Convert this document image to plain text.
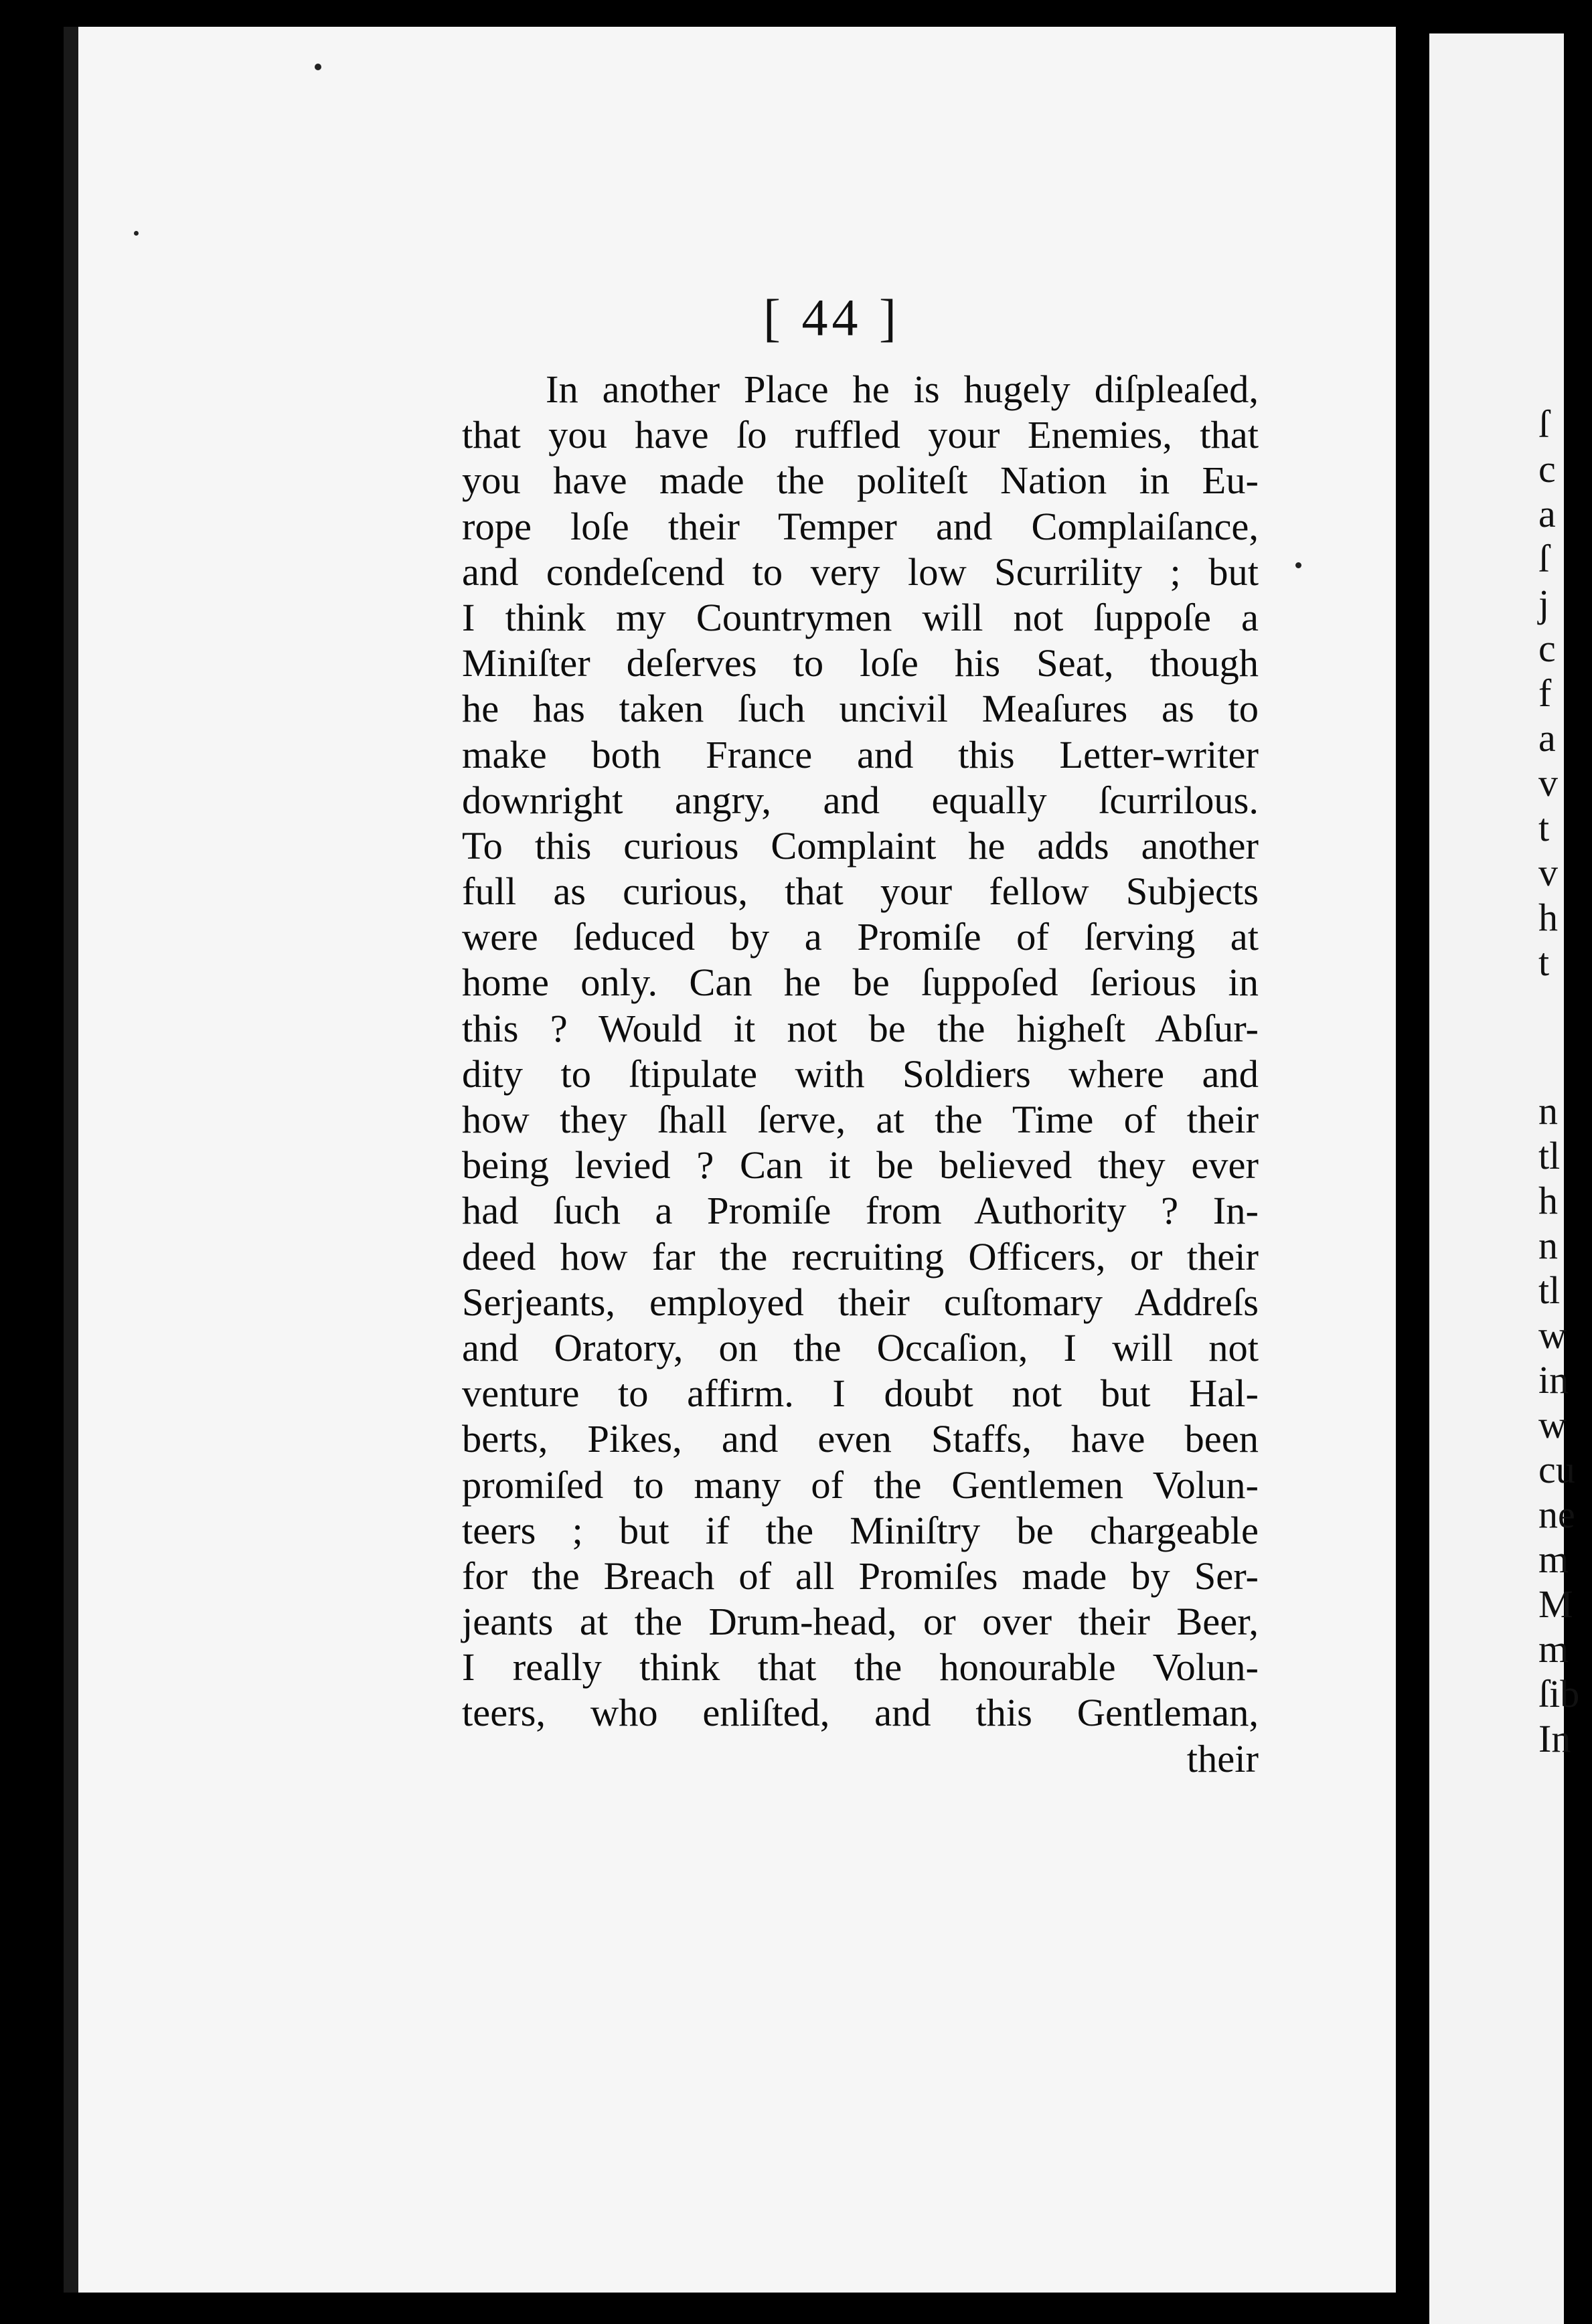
[ 44 ]
In another Place he is hugely diſpleaſed,
that you have ſo ruffled your Enemies, that
you have made the politeſt Nation in Eu-
rope loſe their Temper and Complaiſance,
and condeſcend to very low Scurrility ; but
I think my Countrymen will not ſuppoſe a
Miniſter deſerves to loſe his Seat, though
he has taken ſuch uncivil Meaſures as to
make both France and this Letter-writer
downright angry, and equally ſcurrilous.
To this curious Complaint he adds another
full as curious, that your fellow Subjects
were ſeduced by a Promiſe of ſerving at
home only. Can he be ſuppoſed ſerious in
this ? Would it not be the higheſt Abſur-
dity to ſtipulate with Soldiers where and
how they ſhall ſerve, at the Time of their
being levied ? Can it be believed they ever
had ſuch a Promiſe from Authority ? In-
deed how far the recruiting Officers, or their
Serjeants, employed their cuſtomary Addreſs
and Oratory, on the Occaſion, I will not
venture to affirm. I doubt not but Hal-
berts, Pikes, and even Staffs, have been
promiſed to many of the Gentlemen Volun-
teers ; but if the Miniſtry be chargeable
for the Breach of all Promiſes made by Ser-
jeants at the Drum-head, or over their Beer,
I really think that the honourable Volun-
teers, who enliſted, and this Gentleman,
their
ſ
c
a
ſ
j
c
f
a
v
t
v
h
t
n
tl
h
n
tl
w
in
w
cu
ne
m
M
m
ſib
In
